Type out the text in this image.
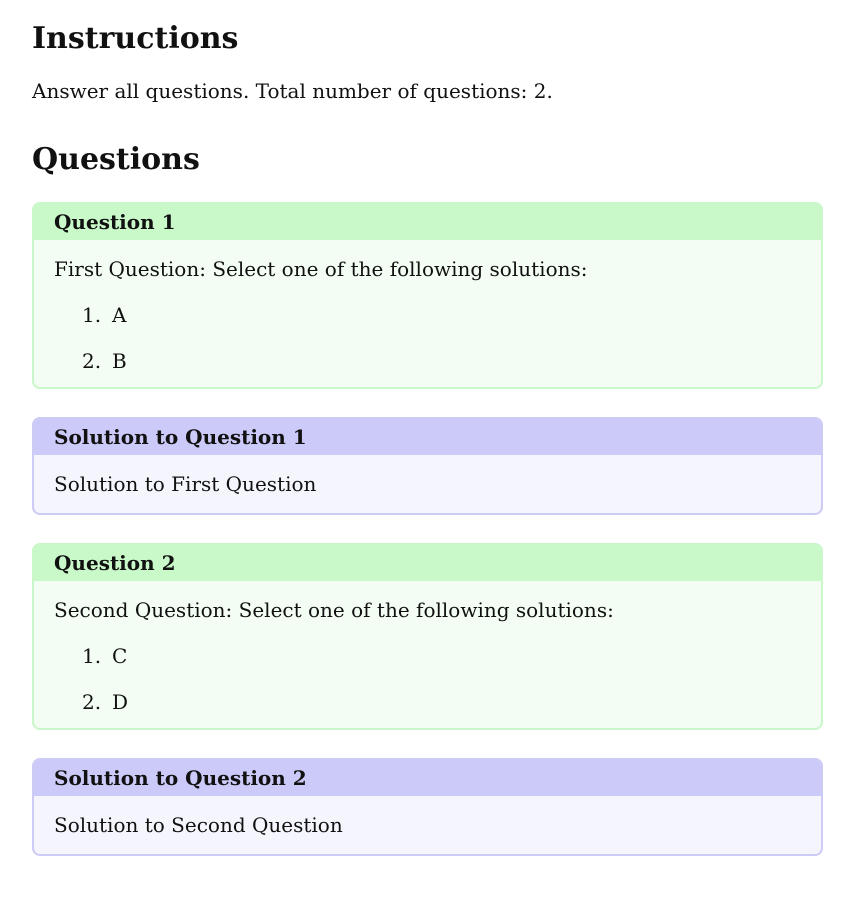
Instructions

Answer all questions. Total number of questions: 2.

Questions
Question 1

First Question: Select one of the following solutions:

1. A
2. B
Solution to Question 1

Solution to First Question

Question 2

Second Question: Select one of the following solutions:

1. C
2. D
Solution to Question 2

Solution to Second Question
